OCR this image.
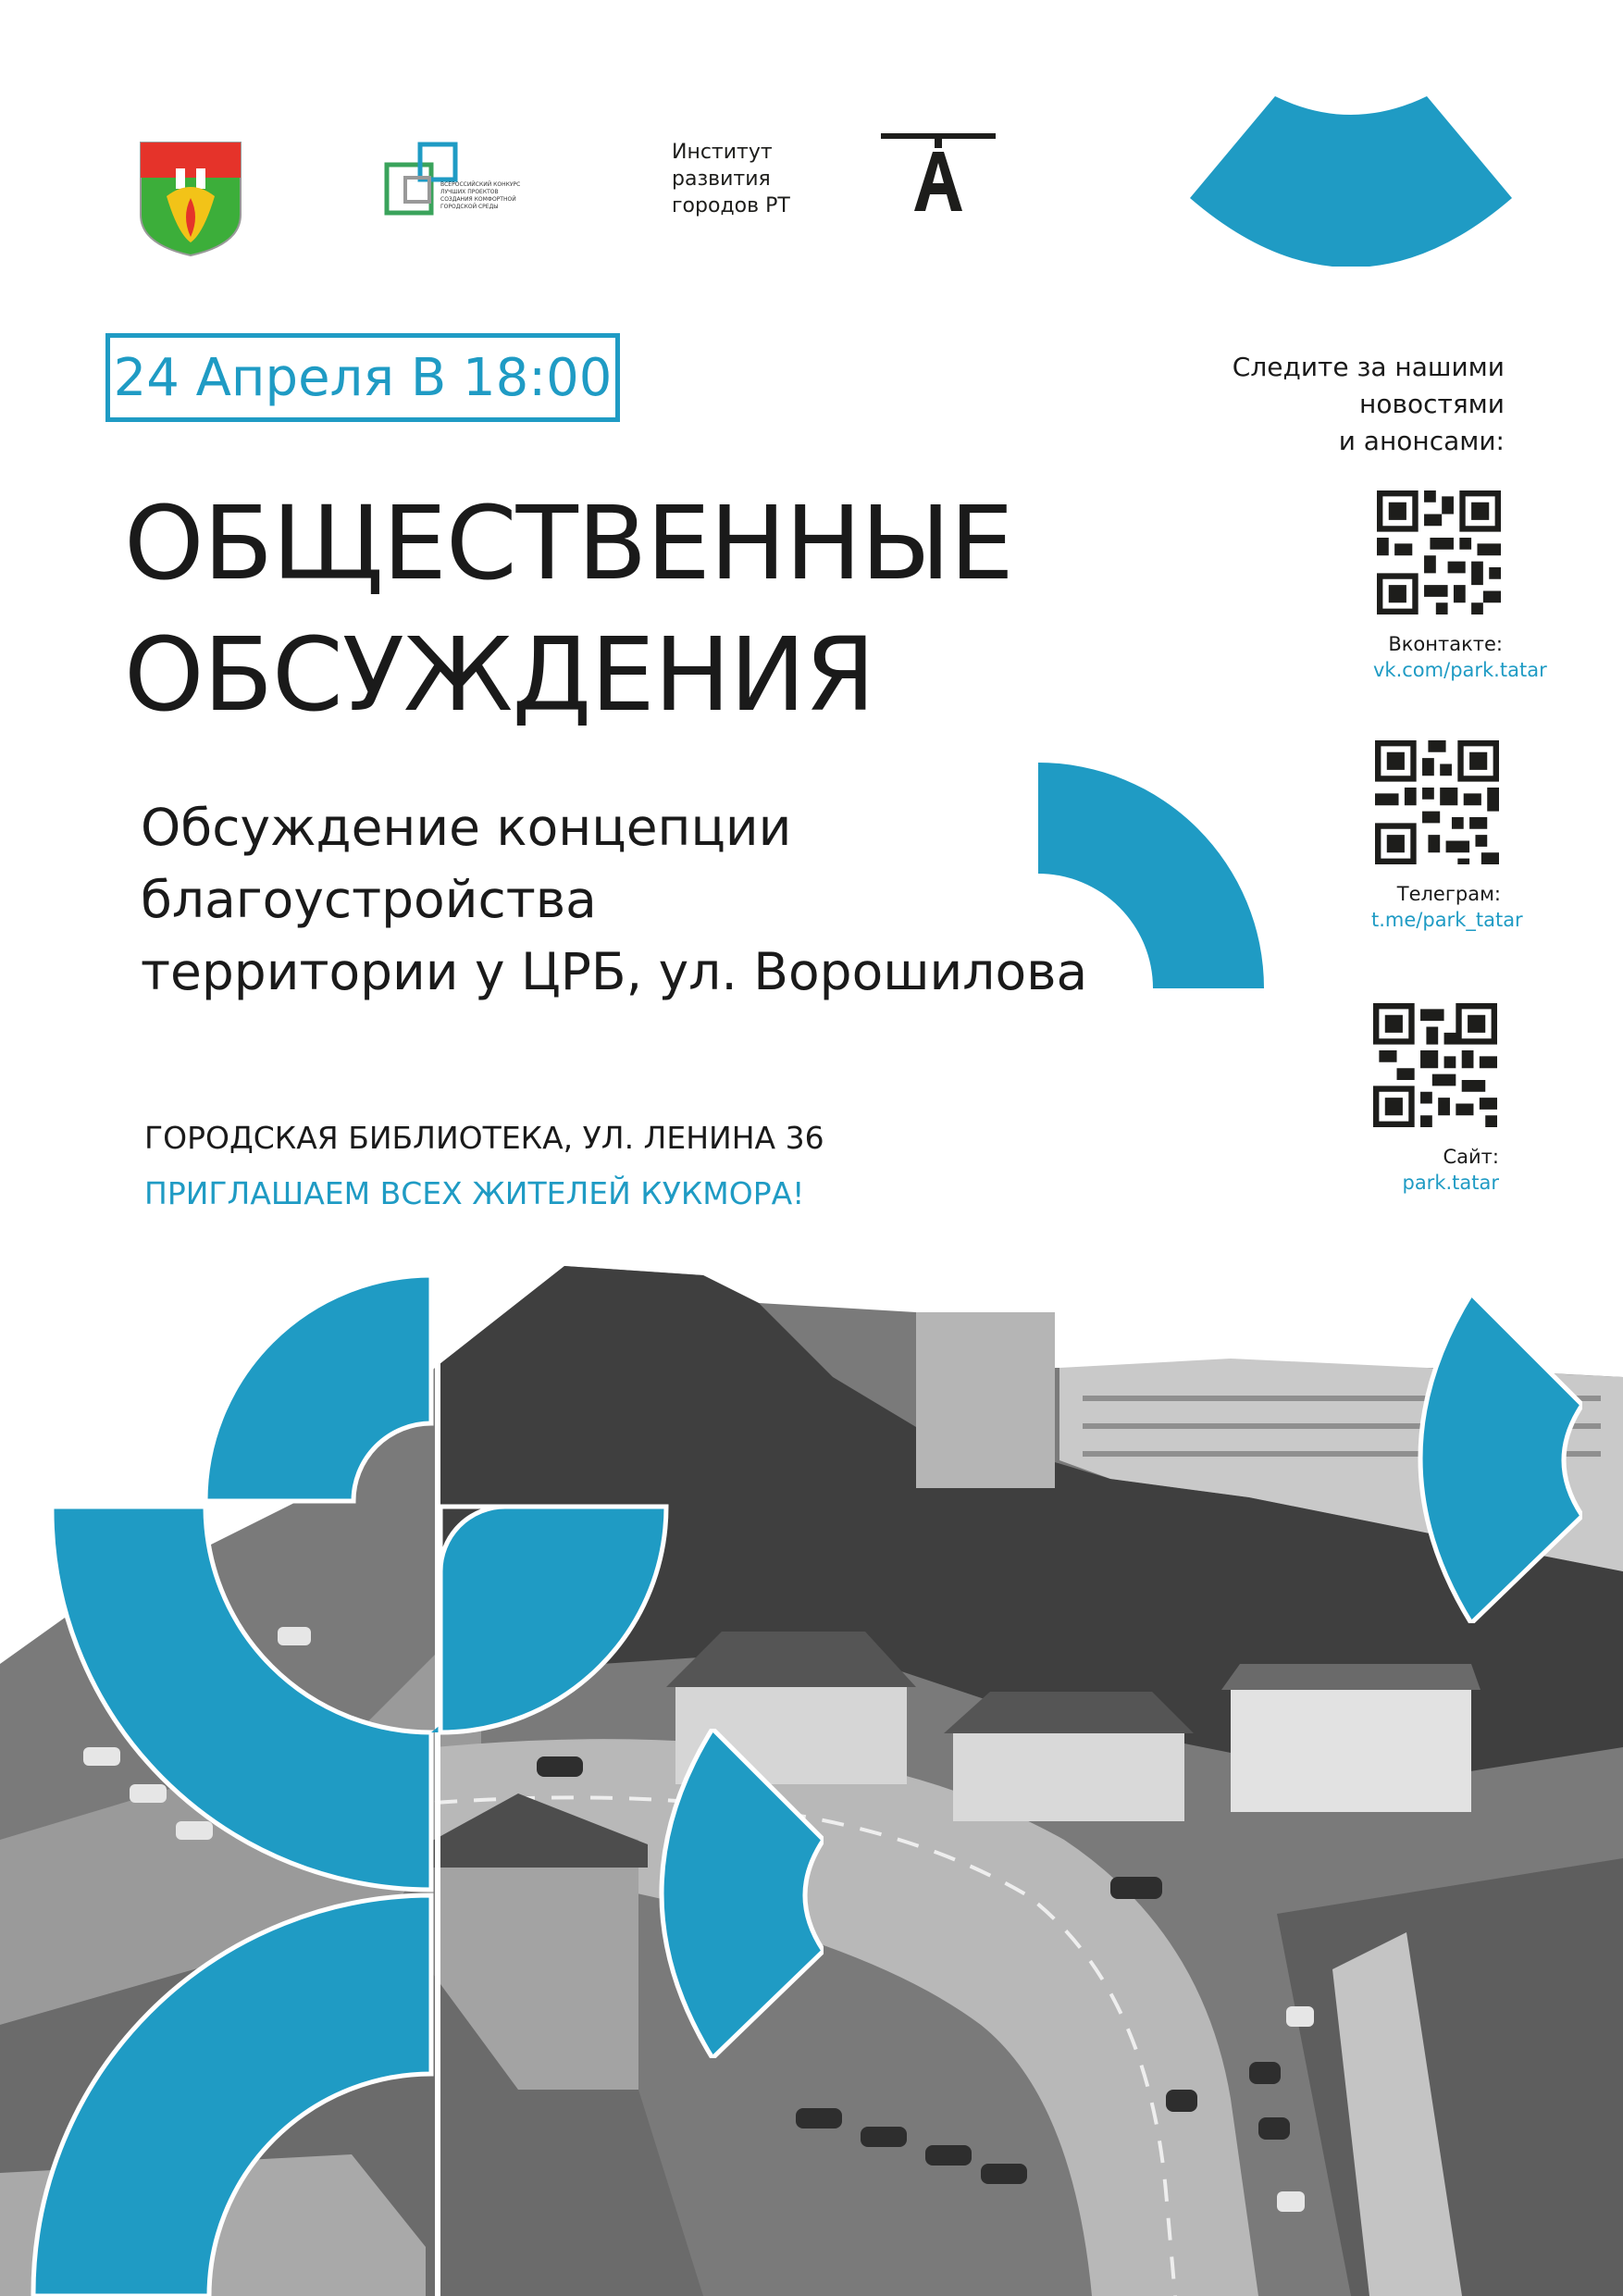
ВСЕРОССИЙСКИЙ КОНКУРС
ЛУЧШИХ ПРОЕКТОВ
СОЗДАНИЯ КОМФОРТНОЙ
ГОРОДСКОЙ СРЕДЫ
Институт
развития
городов РТ
24 Апреля В 18:00
ОБЩЕСТВЕННЫЕ
ОБСУЖДЕНИЯ
Обсуждение концепции
благоустройства
территории у ЦРБ, ул. Ворошилова
ГОРОДСКАЯ БИБЛИОТЕКА, УЛ. ЛЕНИНА 36
ПРИГЛАШАЕМ ВСЕХ ЖИТЕЛЕЙ КУКМОРА!
Следите за нашими
новостями
и анонсами:
Вконтакте:
vk.com/park.tatar
Телеграм:
t.me/park_tatar
Сайт:
park.tatar
